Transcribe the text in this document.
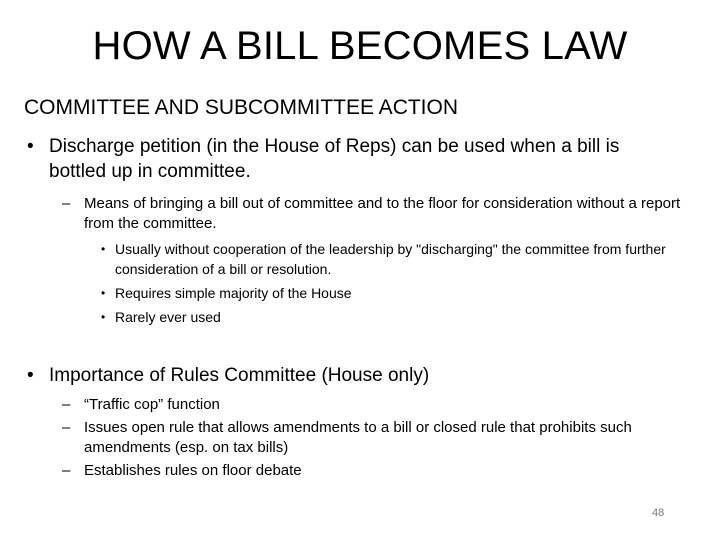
HOW A BILL BECOMES LAW
COMMITTEE AND SUBCOMMITTEE ACTION
• Discharge petition (in the House of Reps) can be used when a bill is bottled up in committee.
– Means of bringing a bill out of committee and to the floor for consideration without a report from the committee.
• Usually without cooperation of the leadership by "discharging" the committee from further consideration of a bill or resolution.
• Requires simple majority of the House
• Rarely ever used
• Importance of Rules Committee (House only)
– “Traffic cop” function
– Issues open rule that allows amendments to a bill or closed rule that prohibits such amendments (esp. on tax bills)
– Establishes rules on floor debate
48
